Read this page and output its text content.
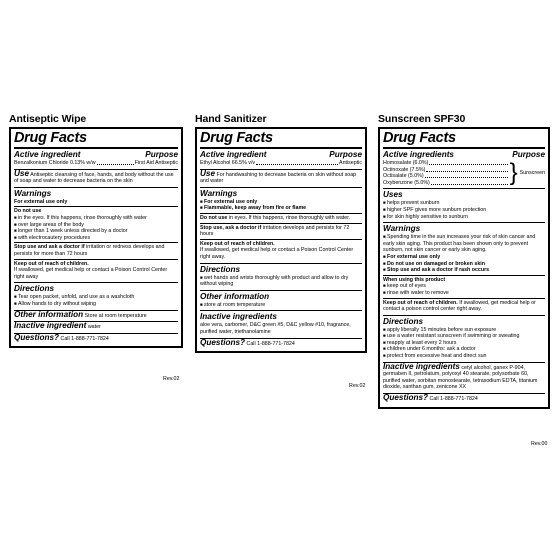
Antiseptic Wipe
Drug Facts
Active ingredient	Purpose
Benzalkonium Chloride 0.13% w/w	First Aid Antiseptic
Use Antiseptic cleansing of face, hands, and body without the use of soap and water to decrease bacteria on the skin
Warnings
For external use only
Do not use
■ in the eyes. If this happens, rinse thoroughly with water
■ over large areas of the body
■ longer than 1 week unless directed by a doctor
■ with electrocautery procedures
Stop use and ask a doctor if irritation or redness develops and persists for more than 72 hours
Keep out of reach of children.
If swallowed, get medical help or contact a Poison Control Center right away
Directions
■ Tear open packet, unfold, and use as a washcloth
■ Allow hands to dry without wiping
Other information Store at room temperature
Inactive ingredient water
Questions? Call 1-888-771-7824
Rev.02
Hand Sanitizer
Drug Facts
Active ingredient	Purpose
Ethyl Alcohol 66.5% v/v	Antiseptic
Use For handwashing to decrease bacteria on skin without soap and water
Warnings
■ For external use only
■ Flammable, keep away from fire or flame
Do not use in eyes. If this happens, rinse thoroughly with water.
Stop use, ask a doctor if irritation develops and persists for 72 hours
Keep out of reach of children.
If swallowed, get medical help or contact a Poison Control Center right away.
Directions
■ wet hands and wrists thoroughly with product and allow to dry without wiping
Other information
■ store at room temperature
Inactive ingredients
aloe vera, carbomer, D&C green #5, D&C yellow #10, fragrance, purified water, triethanolamine
Questions? Call 1-888-771-7824
Rev.02
Sunscreen SPF30
Drug Facts
Active ingredients	Purpose
Homosalate (6.0%)
Octinoxate (7.5%)
Octisalate (5.0%)
Oxybenzone (5.0%)	} Sunscreen
Uses
■ helps prevent sunburn
■ higher SPF gives more sunburn protection
■ for skin highly sensitive to sunburn
Warnings
■ Spending time in the sun increases your risk of skin cancer and early skin aging. This product has been shown only to prevent sunburn, not skin cancer or early skin aging.
■ For external use only
■ Do not use on damaged or broken skin
■ Stop use and ask a doctor if rash occurs
When using this product
■ keep out of eyes
■ rinse with water to remove
Keep out of reach of children. If swallowed, get medical help or contact a poison control center right away.
Directions
■ apply liberally 15 minutes before sun exposure
■ use a water resistant sunscreen if swimming or sweating
■ reapply at least every 2 hours
■ children under 6 months: ask a doctor
■ protect from excessive heat and direct sun
Inactive ingredients cetyl alcohol, ganex P-904, germaben II, petrolatum, polyoxyl 40 stearate, polysorbate 60, purified water, sorbitan monostearate, tetrasodium EDTA, titanium dioxide, xanthan gum, zenicone XX
Questions? Call 1-888-771-7824
Rev.00
